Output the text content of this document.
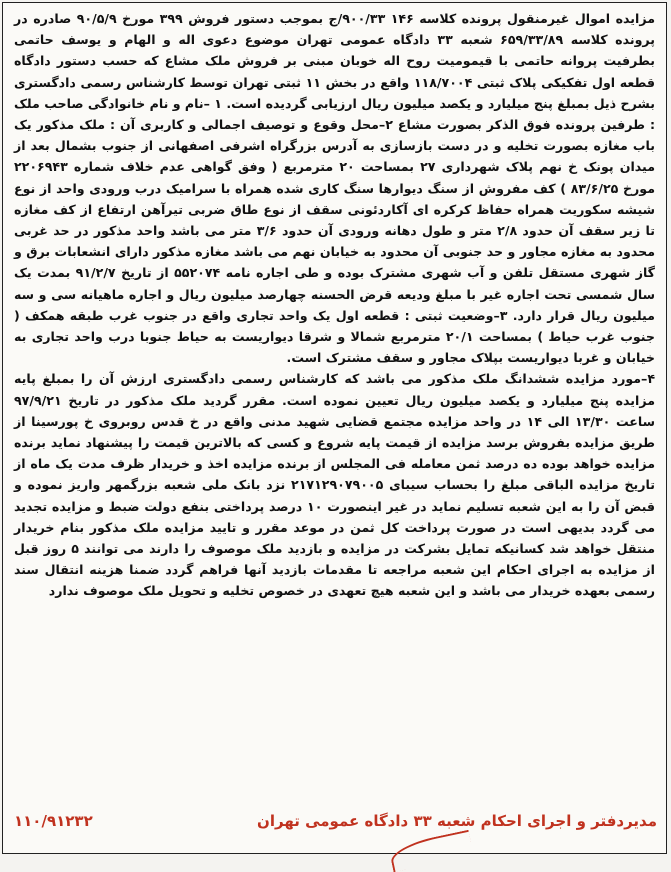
مزایده اموال غیرمنقول پرونده کلاسه ۱۴۶ ۹۰۰/۳۳/ج بموجب دستور فروش ۳۹۹ مورخ ۹۰/۵/۹ صادره در پرونده کلاسه ۶۵۹/۳۳/۸۹ شعبه ۳۳ دادگاه عمومی تهران موضوع دعوی اله و الهام و یوسف حاتمی بطرفیت پروانه حاتمی با قیمومیت روح اله خوبان مبنی بر فروش ملک مشاع که حسب دستور دادگاه قطعه اول تفکیکی پلاک ثبتی ۱۱۸/۷۰۰۴ واقع در بخش ۱۱ ثبتی تهران توسط کارشناس رسمی دادگستری بشرح ذیل بمبلغ پنج میلیارد و یکصد میلیون ریال ارزیابی گردیده است. ۱ –نام و نام خانوادگی صاحب ملک : طرفین پرونده فوق الذکر بصورت مشاع ۲–محل وقوع و توصیف اجمالی و کاربری آن : ملک مذکور یک باب مغازه بصورت تخلیه و در دست بازسازی به آدرس بزرگراه اشرفی اصفهانی از جنوب بشمال بعد از میدان پونک خ نهم پلاک شهرداری ۲۷ بمساحت ۲۰ مترمربع ( وفق گواهی عدم خلاف شماره ۲۲۰۶۹۴۳ مورخ ۸۳/۶/۲۵ ) کف مفروش از سنگ دیوارها سنگ کاری شده همراه با سرامیک درب ورودی واحد از نوع شیشه سکوریت همراه حفاظ کرکره ای آکاردئونی سقف از نوع طاق ضربی تیرآهن ارتفاع از کف مغازه تا زیر سقف آن حدود ۲/۸ متر و طول دهانه ورودی آن حدود ۳/۶ متر می باشد واحد مذکور در حد غربی محدود به مغازه مجاور و حد جنوبی آن محدود به خیابان نهم می باشد مغازه مذکور دارای انشعابات برق و گاز شهری مستقل تلفن و آب شهری مشترک بوده و طی اجاره نامه ۵۵۲۰۷۴ از تاریخ ۹۱/۲/۷ بمدت یک سال شمسی تحت اجاره غیر با مبلغ ودیعه قرض الحسنه چهارصد میلیون ریال و اجاره ماهیانه سی و سه میلیون ریال قرار دارد. ۳–وضعیت ثبتی : قطعه اول یک واحد تجاری واقع در جنوب غرب طبقه همکف ( جنوب غرب حیاط ) بمساحت ۲۰/۱ مترمربع شمالا و شرقا دیواریست به حیاط جنوبا درب واحد تجاری به خیابان و غربا دیواریست بپلاک مجاور و سقف مشترک است.

۴–مورد مزایده ششدانگ ملک مذکور می باشد که کارشناس رسمی دادگستری ارزش آن را بمبلغ پایه مزایده پنج میلیارد و یکصد میلیون ریال تعیین نموده است. مقرر گردید ملک مذکور در تاریخ ۹۷/۹/۲۱ ساعت ۱۳/۳۰ الی ۱۴ در واحد مزایده مجتمع قضایی شهید مدنی واقع در خ قدس روبروی خ پورسینا از طریق مزایده بفروش برسد مزایده از قیمت پایه شروع و کسی که بالاترین قیمت را پیشنهاد نماید برنده مزایده خواهد بوده ده درصد ثمن معامله فی المجلس از برنده مزایده اخذ و خریدار ظرف مدت یک ماه از تاریخ مزایده الباقی مبلغ را بحساب سیبای ۲۱۷۱۲۹۰۷۹۰۰۵ نزد بانک ملی شعبه بزرگمهر واریز نموده و قبض آن را به این شعبه تسلیم نماید در غیر اینصورت ۱۰ درصد پرداختی بنفع دولت ضبط و مزایده تجدید می گردد بدیهی است در صورت پرداخت کل ثمن در موعد مقرر و تایید مزایده ملک مذکور بنام خریدار منتقل خواهد شد کسانیکه تمایل بشرکت در مزایده و بازدید ملک موصوف را دارند می توانند ۵ روز قبل از مزایده به اجرای احکام این شعبه مراجعه تا مقدمات بازدید آنها فراهم گردد ضمنا هزینه انتقال سند رسمی بعهده خریدار می باشد و این شعبه هیچ تعهدی در خصوص تخلیه و تحویل ملک موصوف ندارد

مدیردفتر و اجرای احکام شعبه ۳۳ دادگاه عمومی تهران
۱۱۰/۹۱۲۳۲
